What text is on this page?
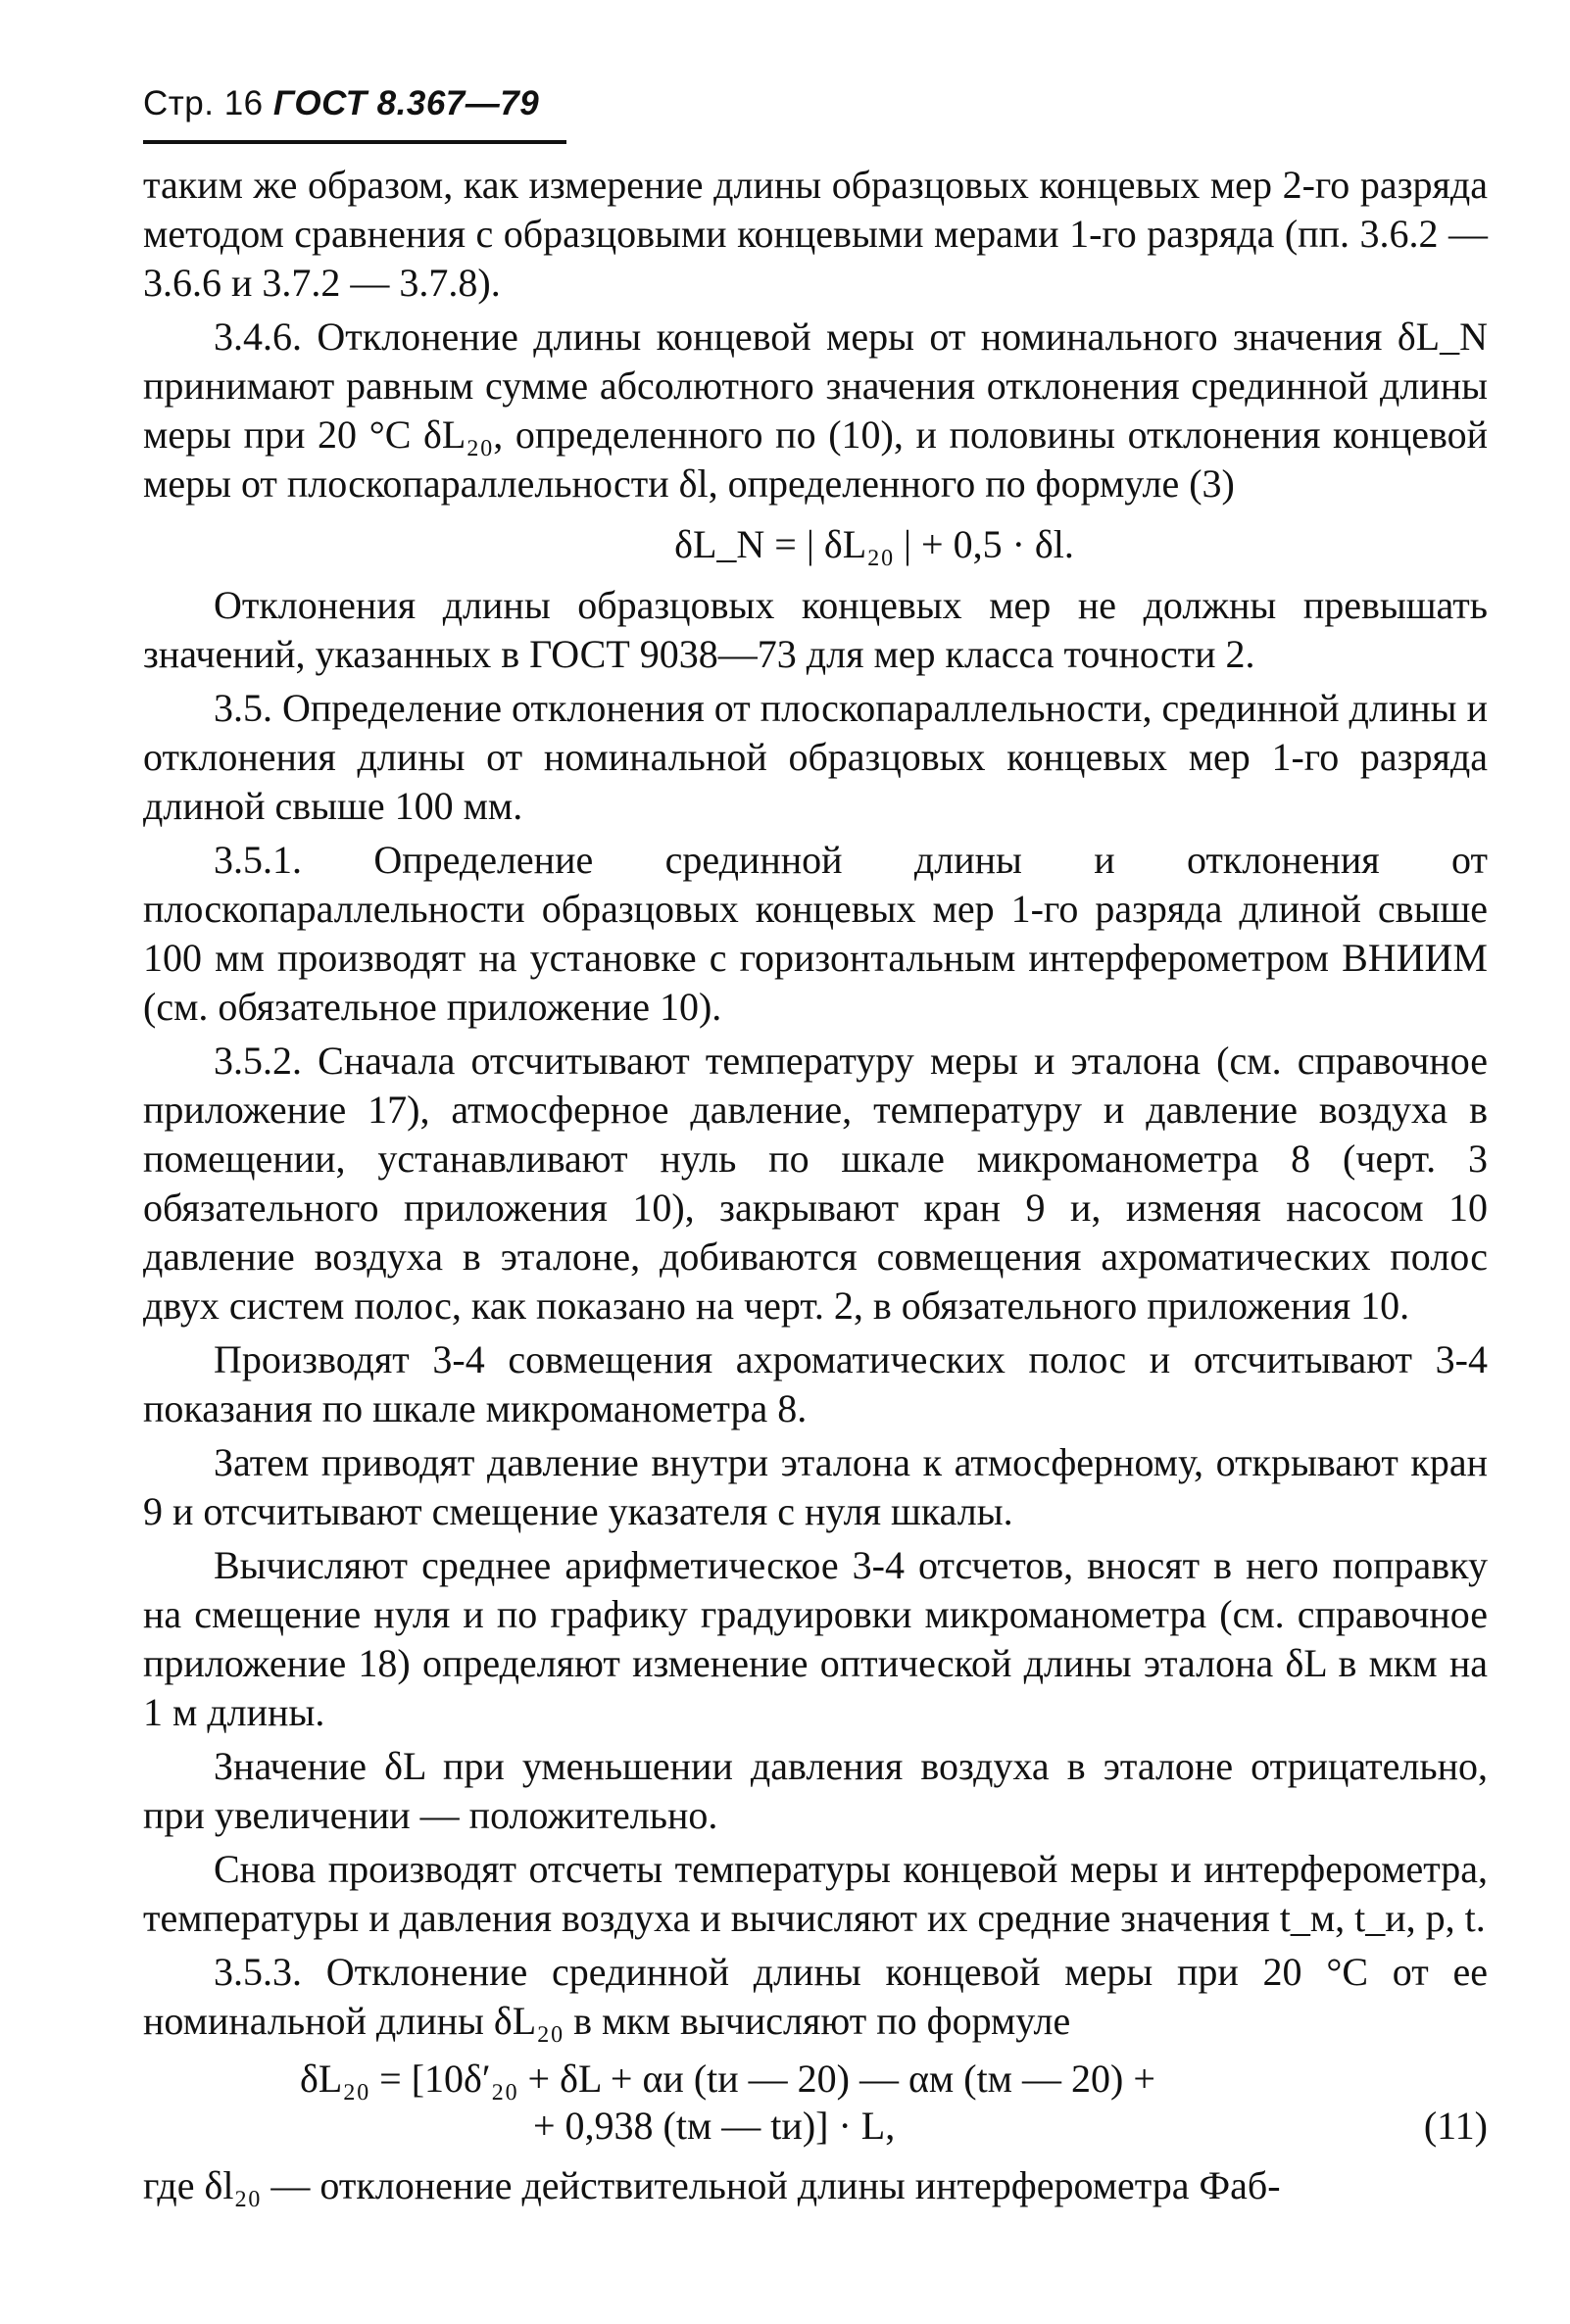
Стр. 16 ГОСТ 8.367—79

таким же образом, как измерение длины образцовых концевых мер 2-го разряда методом сравнения с образцовыми концевыми мерами 1-го разряда (пп. 3.6.2 — 3.6.6 и 3.7.2 — 3.7.8).

3.4.6. Отклонение длины концевой меры от номинального значения δL_N принимают равным сумме абсолютного значения отклонения срединной длины меры при 20 °С δL₂₀, определенного по (10), и половины отклонения концевой меры от плоскопараллельности δl, определенного по формуле (3)

δL_N = | δL₂₀ | + 0,5 · δl.

Отклонения длины образцовых концевых мер не должны превышать значений, указанных в ГОСТ 9038—73 для мер класса точности 2.

3.5. Определение отклонения от плоскопараллельности, срединной длины и отклонения длины от номинальной образцовых концевых мер 1-го разряда длиной свыше 100 мм.

3.5.1. Определение срединной длины и отклонения от плоскопараллельности образцовых концевых мер 1-го разряда длиной свыше 100 мм производят на установке с горизонтальным интерферометром ВНИИМ (см. обязательное приложение 10).

3.5.2. Сначала отсчитывают температуру меры и эталона (см. справочное приложение 17), атмосферное давление, температуру и давление воздуха в помещении, устанавливают нуль по шкале микроманометра 8 (черт. 3 обязательного приложения 10), закрывают кран 9 и, изменяя насосом 10 давление воздуха в эталоне, добиваются совмещения ахроматических полос двух систем полос, как показано на черт. 2, в обязательного приложения 10.

Производят 3-4 совмещения ахроматических полос и отсчитывают 3-4 показания по шкале микроманометра 8.

Затем приводят давление внутри эталона к атмосферному, открывают кран 9 и отсчитывают смещение указателя с нуля шкалы.

Вычисляют среднее арифметическое 3-4 отсчетов, вносят в него поправку на смещение нуля и по графику градуировки микроманометра (см. справочное приложение 18) определяют изменение оптической длины эталона δL в мкм на 1 м длины.

Значение δL при уменьшении давления воздуха в эталоне отрицательно, при увеличении — положительно.

Снова производят отсчеты температуры концевой меры и интерферометра, температуры и давления воздуха и вычисляют их средние значения t_м, t_и, p, t.

3.5.3. Отклонение срединной длины концевой меры при 20 °С от ее номинальной длины δL₂₀ в мкм вычисляют по формуле

δL₂₀ = [10δ′₂₀ + δL + αи (tи — 20) — αм (tм — 20) +
+ 0,938 (tм — tи)] · L,	(11)

где δl₂₀ — отклонение действительной длины интерферометра Фаб-
